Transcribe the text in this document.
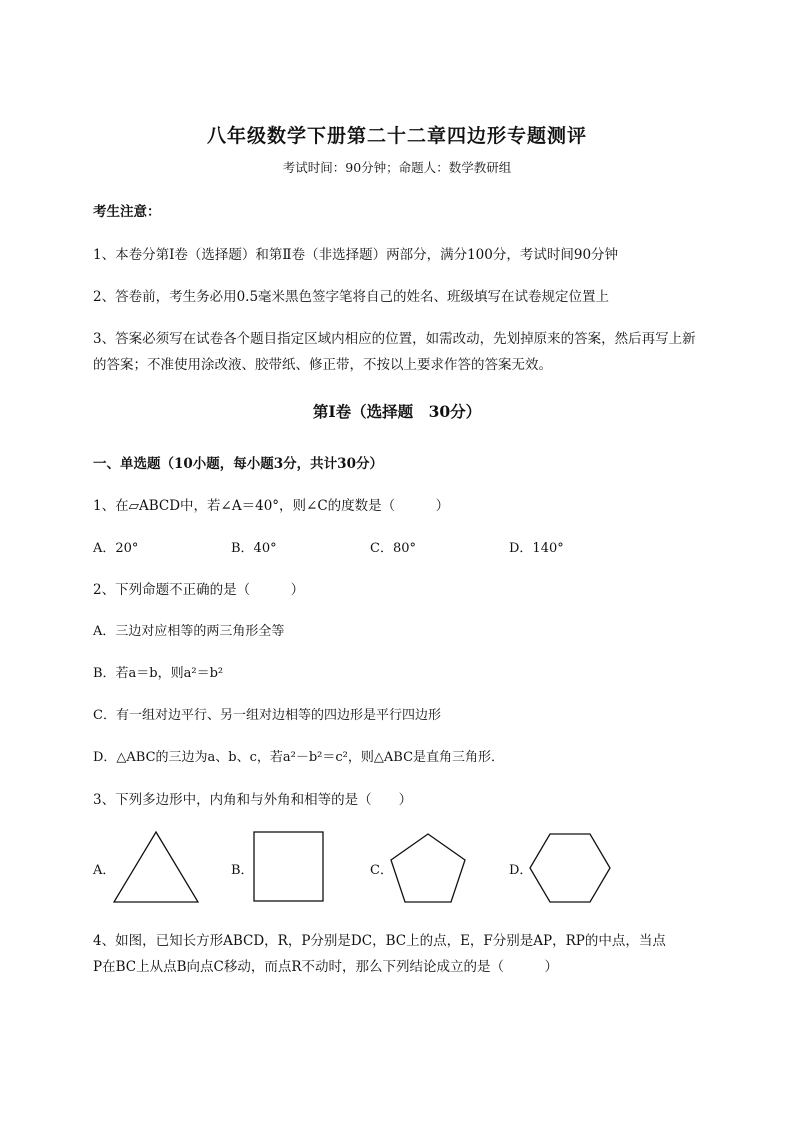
八年级数学下册第二十二章四边形专题测评
考试时间：90分钟；命题人：数学教研组
考生注意：
1、本卷分第Ⅰ卷（选择题）和第Ⅱ卷（非选择题）两部分，满分100分，考试时间90分钟
2、答卷前，考生务必用0.5毫米黑色签字笔将自己的姓名、班级填写在试卷规定位置上
3、答案必须写在试卷各个题目指定区域内相应的位置，如需改动，先划掉原来的答案，然后再写上新
的答案；不准使用涂改液、胶带纸、修正带，不按以上要求作答的答案无效。
第Ⅰ卷（选择题　30分）
一、单选题（10小题，每小题3分，共计30分）
1、在▱ABCD中，若∠A＝40°，则∠C的度数是（　　　）
A．20°	B．40°	C．80°	D．140°
2、下列命题不正确的是（　　　）
A．三边对应相等的两三角形全等
B．若a＝b，则a²＝b²
C．有一组对边平行、另一组对边相等的四边形是平行四边形
D．△ABC的三边为a、b、c，若a²－b²＝c²，则△ABC是直角三角形．
3、下列多边形中，内角和与外角和相等的是（　　）
A．	B．	C．	D．
4、如图，已知长方形ABCD，R，P分别是DC，BC上的点，E，F分别是AP，RP的中点，当点
P在BC上从点B向点C移动，而点R不动时，那么下列结论成立的是（　　　）
